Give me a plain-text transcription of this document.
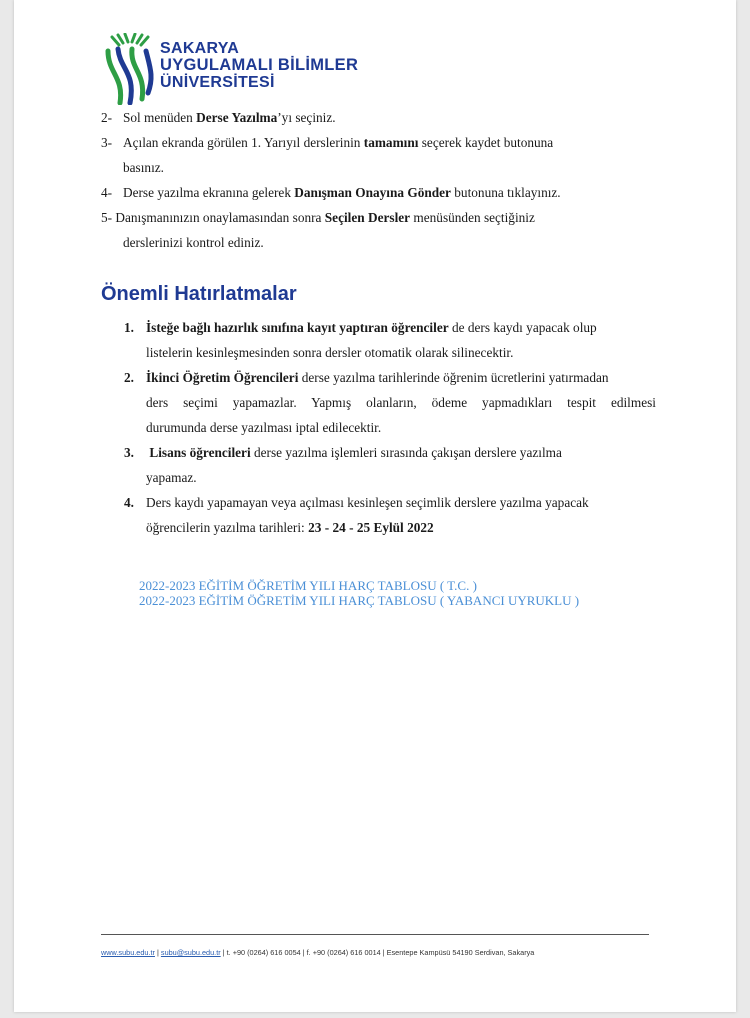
SAKARYA
UYGULAMALI BİLİMLER
ÜNİVERSİTESİ
2- Sol menüden Derse Yazılma’yı seçiniz.
3- Açılan ekranda görülen 1. Yarıyıl derslerinin tamamını seçerek kaydet butonuna
basınız.
4- Derse yazılma ekranına gelerek Danışman Onayına Gönder butonuna tıklayınız.
5- Danışmanınızın onaylamasından sonra Seçilen Dersler menüsünden seçtiğiniz
derslerinizi kontrol ediniz.
Önemli Hatırlatmalar
1. İsteğe bağlı hazırlık sınıfına kayıt yaptıran öğrenciler de ders kaydı yapacak olup
listelerin kesinleşmesinden sonra dersler otomatik olarak silinecektir.
2. İkinci Öğretim Öğrencileri derse yazılma tarihlerinde öğrenim ücretlerini yatırmadan
ders seçimi yapamazlar. Yapmış olanların, ödeme yapmadıkları tespit edilmesi
durumunda derse yazılması iptal edilecektir.
3. Lisans öğrencileri derse yazılma işlemleri sırasında çakışan derslere yazılma
yapamaz.
4. Ders kaydı yapamayan veya açılması kesinleşen seçimlik derslere yazılma yapacak
öğrencilerin yazılma tarihleri: 23 - 24 - 25 Eylül 2022
2022-2023 EĞİTİM ÖĞRETİM YILI HARÇ TABLOSU ( T.C. )
2022-2023 EĞİTİM ÖĞRETİM YILI HARÇ TABLOSU ( YABANCI UYRUKLU )
www.subu.edu.tr | subu@subu.edu.tr | t. +90 (0264) 616 0054 | f. +90 (0264) 616 0014 | Esentepe Kampüsü 54190 Serdivan, Sakarya
